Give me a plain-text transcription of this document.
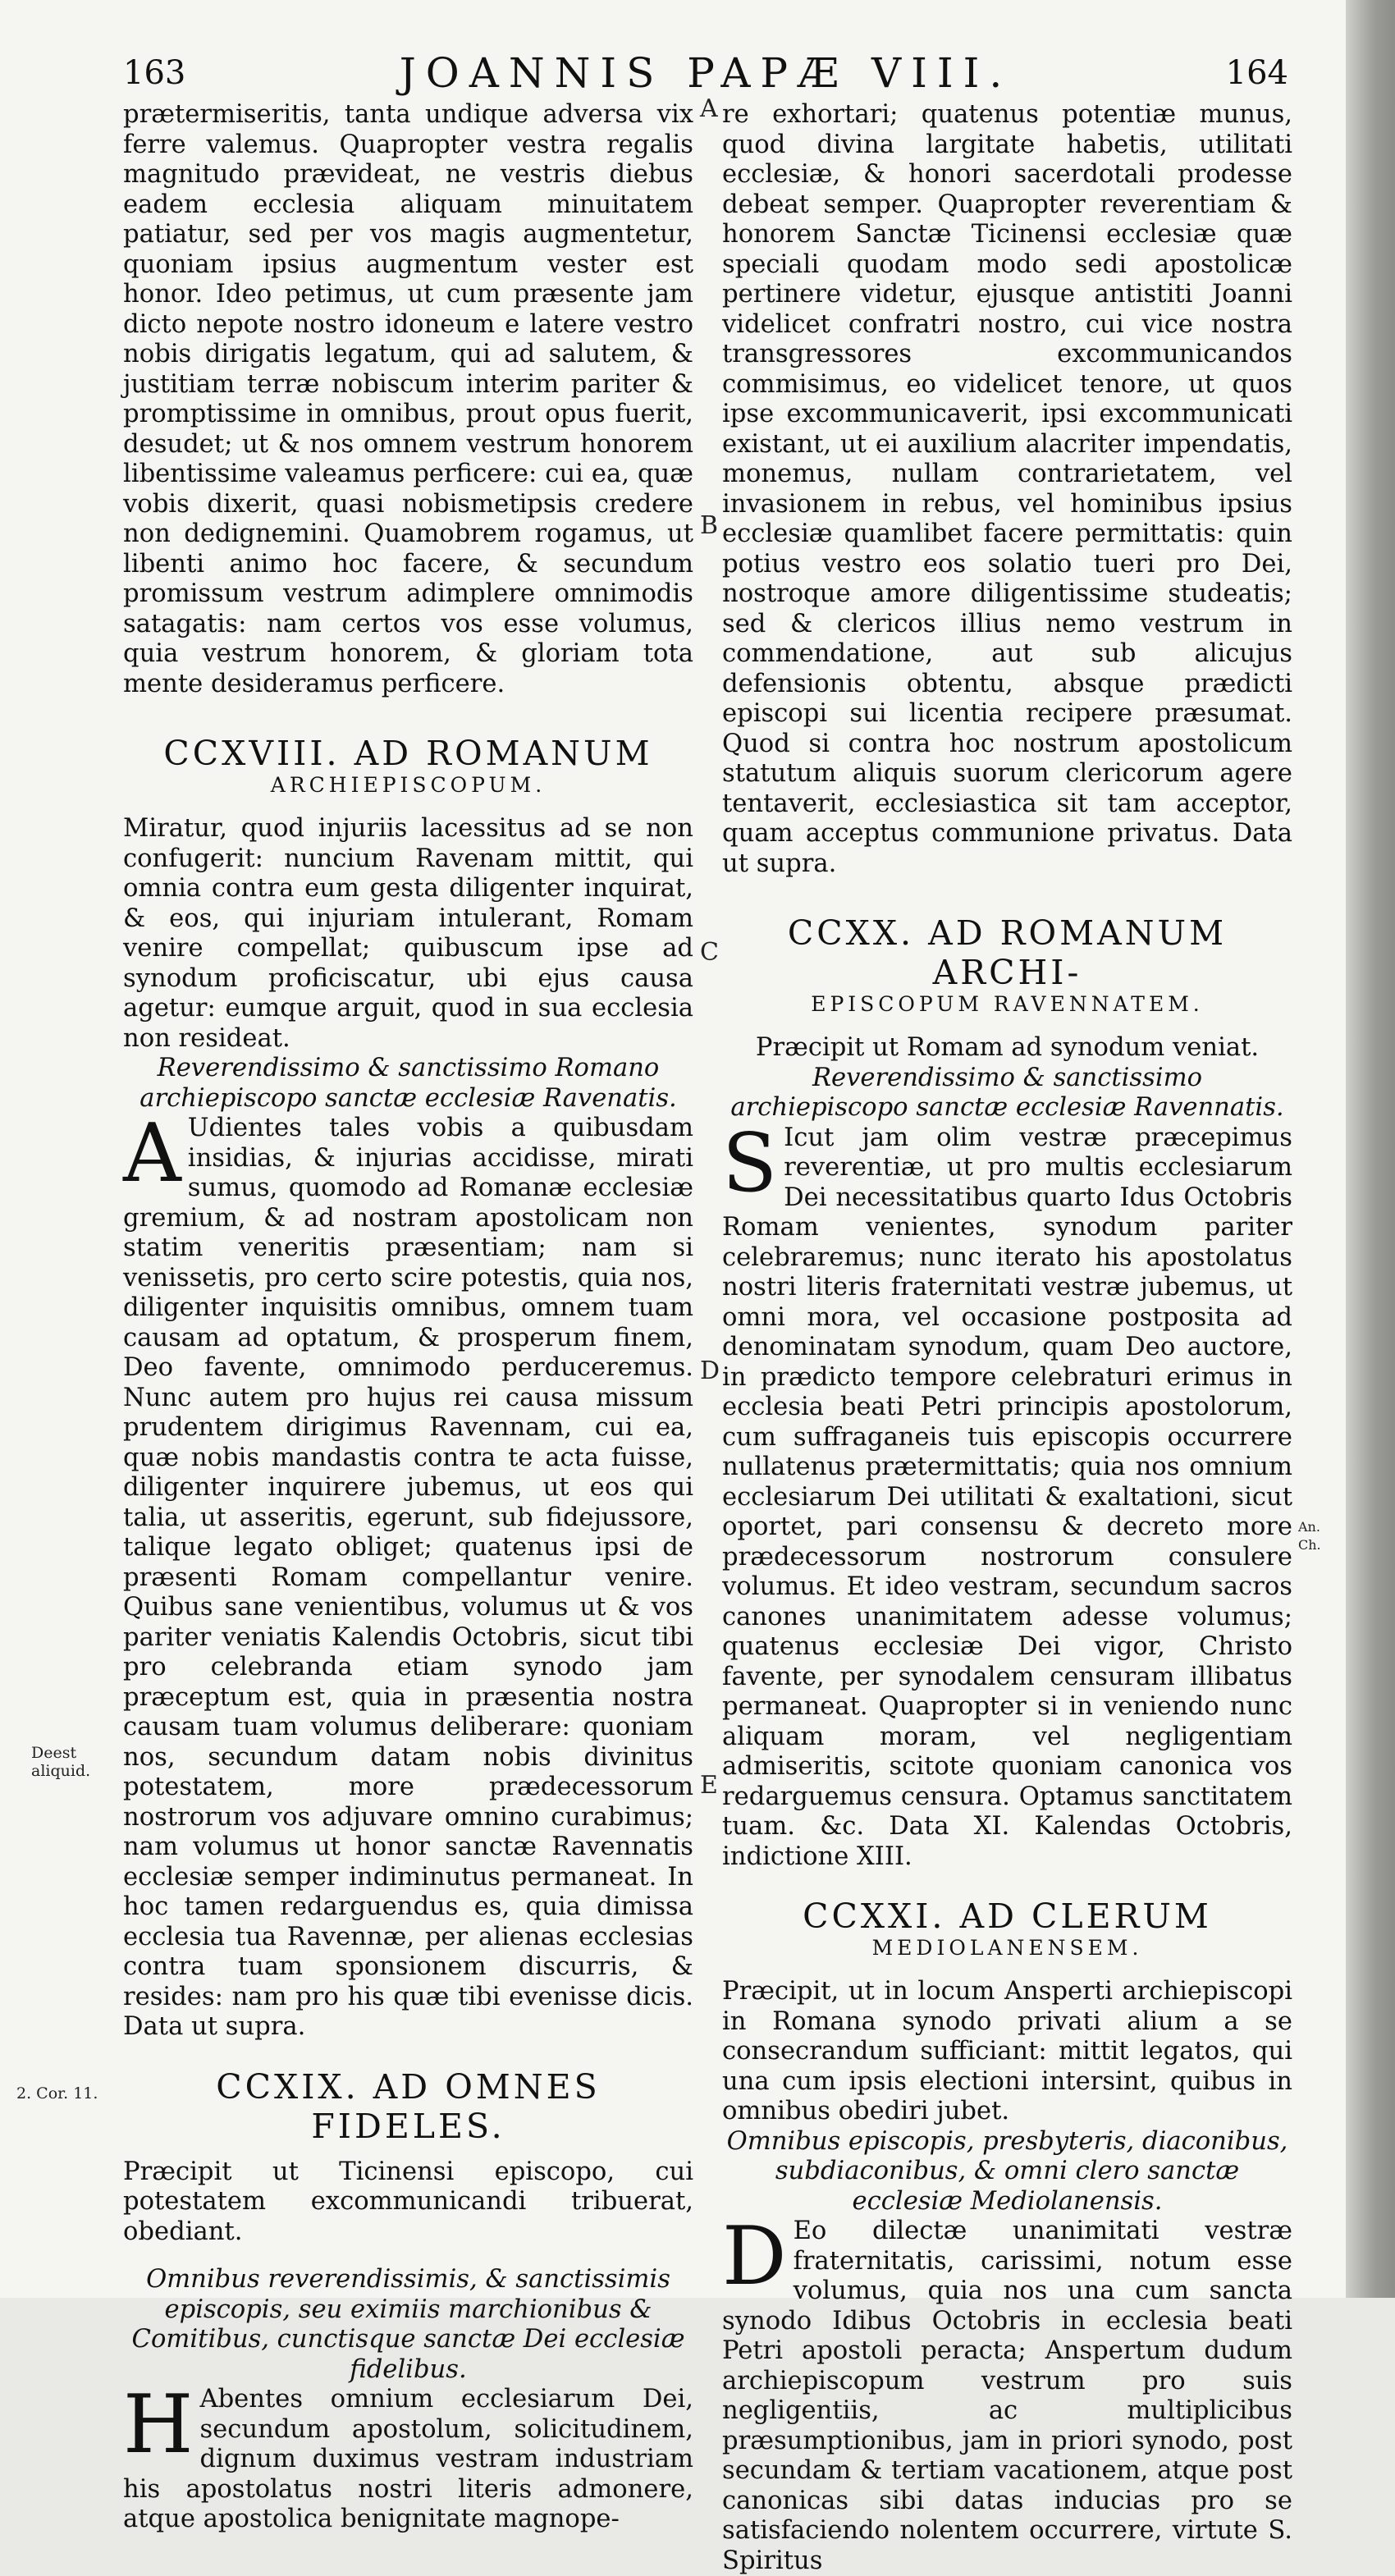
163	JOANNIS PAPÆ VIII.	164

prætermiseritis, tanta undique adversa vix ferre valemus. Quapropter vestra regalis magnitudo prævideat, ne vestris diebus eadem ecclesia aliquam minuitatem patiatur, sed per vos magis augmentetur, quoniam ipsius augmentum vester est honor. Ideo petimus, ut cum præsente jam dicto nepote nostro idoneum e latere vestro nobis dirigatis legatum, qui ad salutem, & justitiam terræ nobiscum interim pariter & promptissime in omnibus, prout opus fuerit, desudet; ut & nos omnem vestrum honorem libentissime valeamus perficere: cui ea, quæ vobis dixerit, quasi nobismetipsis credere non dedignemini. Quamobrem rogamus, ut libenti animo hoc facere, & secundum promissum vestrum adimplere omnimodis satagatis: nam certos vos esse volumus, quia vestrum honorem, & gloriam tota mente desideramus perficere.

CCXVIII. AD ROMANUM
ARCHIEPISCOPUM.

Miratur, quod injuriis lacessitus ad se non confugerit: nuncium Ravenam mittit, qui omnia contra eum gesta diligenter inquirat, & eos, qui injuriam intulerant, Romam venire compellat; quibuscum ipse ad synodum proficiscatur, ubi ejus causa agetur: eumque arguit, quod in sua ecclesia non resideat.

Reverendissimo & sanctissimo Romano archiepiscopo sanctæ ecclesiæ Ravenatis.

A Udientes tales vobis a quibusdam insidias, & injurias accidisse, mirati sumus, quomodo ad Romanæ ecclesiæ gremium, & ad nostram apostolicam non statim veneritis præsentiam; nam si venissetis, pro certo scire potestis, quia nos, diligenter inquisitis omnibus, omnem tuam causam ad optatum, & prosperum finem, Deo favente, omnimodo perduceremus. Nunc autem pro hujus rei causa missum prudentem dirigimus Ravennam, cui ea, quæ nobis mandastis contra te acta fuisse, diligenter inquirere jubemus, ut eos qui talia, ut asseritis, egerunt, sub fidejussore, talique legato obliget; quatenus ipsi de præsenti Romam compellantur venire. Quibus sane venientibus, volumus ut & vos pariter veniatis Kalendis Octobris, sicut tibi pro celebranda etiam synodo jam præceptum est, quia in præsentia nostra causam tuam volumus deliberare: quoniam nos, secundum datam nobis divinitus potestatem, more prædecessorum nostrorum vos adjuvare omnino curabimus; nam volumus ut honor sanctæ Ravennatis ecclesiæ semper indiminutus permaneat. In hoc tamen redarguendus es, quia dimissa ecclesia tua Ravennæ, per alienas ecclesias contra tuam sponsionem discurris, & resides: nam pro his quæ tibi evenisse dicis. Data ut supra.

CCXIX. AD OMNES FIDELES.

Præcipit ut Ticinensi episcopo, cui potestatem excommunicandi tribuerat, obediant.

Omnibus reverendissimis, & sanctissimis episcopis, seu eximiis marchionibus & Comitibus, cunctisque sanctæ Dei ecclesiæ fidelibus.

H Abentes omnium ecclesiarum Dei, secundum apostolum, solicitudinem, dignum duximus vestram industriam his apostolatus nostri literis admonere, atque apostolica benignitate magnope-

re exhortari; quatenus potentiæ munus, quod divina largitate habetis, utilitati ecclesiæ, & honori sacerdotali prodesse debeat semper. Quapropter reverentiam & honorem Sanctæ Ticinensi ecclesiæ quæ speciali quodam modo sedi apostolicæ pertinere videtur, ejusque antistiti Joanni videlicet confratri nostro, cui vice nostra transgressores excommunicandos commisimus, eo videlicet tenore, ut quos ipse excommunicaverit, ipsi excommunicati existant, ut ei auxilium alacriter impendatis, monemus, nullam contrarietatem, vel invasionem in rebus, vel hominibus ipsius ecclesiæ quamlibet facere permittatis: quin potius vestro eos solatio tueri pro Dei, nostroque amore diligentissime studeatis; sed & clericos illius nemo vestrum in commendatione, aut sub alicujus defensionis obtentu, absque prædicti episcopi sui licentia recipere præsumat. Quod si contra hoc nostrum apostolicum statutum aliquis suorum clericorum agere tentaverit, ecclesiastica sit tam acceptor, quam acceptus communione privatus. Data ut supra.

CCXX. AD ROMANUM ARCHI-
EPISCOPUM RAVENNATEM.

Præcipit ut Romam ad synodum veniat.

Reverendissimo & sanctissimo archiepiscopo sanctæ ecclesiæ Ravennatis.

S Icut jam olim vestræ præcepimus reverentiæ, ut pro multis ecclesiarum Dei necessitatibus quarto Idus Octobris Romam venientes, synodum pariter celebraremus; nunc iterato his apostolatus nostri literis fraternitati vestræ jubemus, ut omni mora, vel occasione postposita ad denominatam synodum, quam Deo auctore, in prædicto tempore celebraturi erimus in ecclesia beati Petri principis apostolorum, cum suffraganeis tuis episcopis occurrere nullatenus prætermittatis; quia nos omnium ecclesiarum Dei utilitati & exaltationi, sicut oportet, pari consensu & decreto more prædecessorum nostrorum consulere volumus. Et ideo vestram, secundum sacros canones unanimitatem adesse volumus; quatenus ecclesiæ Dei vigor, Christo favente, per synodalem censuram illibatus permaneat. Quapropter si in veniendo nunc aliquam moram, vel negligentiam admiseritis, scitote quoniam canonica vos redarguemus censura. Optamus sanctitatem tuam. &c. Data XI. Kalendas Octobris, indictione XIII.

CCXXI. AD CLERUM
MEDIOLANENSEM.

Præcipit, ut in locum Ansperti archiepiscopi in Romana synodo privati alium a se consecrandum sufficiant: mittit legatos, qui una cum ipsis electioni intersint, quibus in omnibus obediri jubet.

Omnibus episcopis, presbyteris, diaconibus, subdiaconibus, & omni clero sanctæ ecclesiæ Mediolanensis.

D Eo dilectæ unanimitati vestræ fraternitatis, carissimi, notum esse volumus, quia nos una cum sancta synodo Idibus Octobris in ecclesia beati Petri apostoli peracta; Anspertum dudum archiepiscopum vestrum pro suis negligentiis, ac multiplicibus præsumptionibus, jam in priori synodo, post secundam & tertiam vacationem, atque post canonicas sibi datas inducias pro se satisfaciendo nolentem occurrere, virtute S. Spiritus

A
B
C
D
E
Deest aliquid.
2. Cor. 11.
An. Ch.
